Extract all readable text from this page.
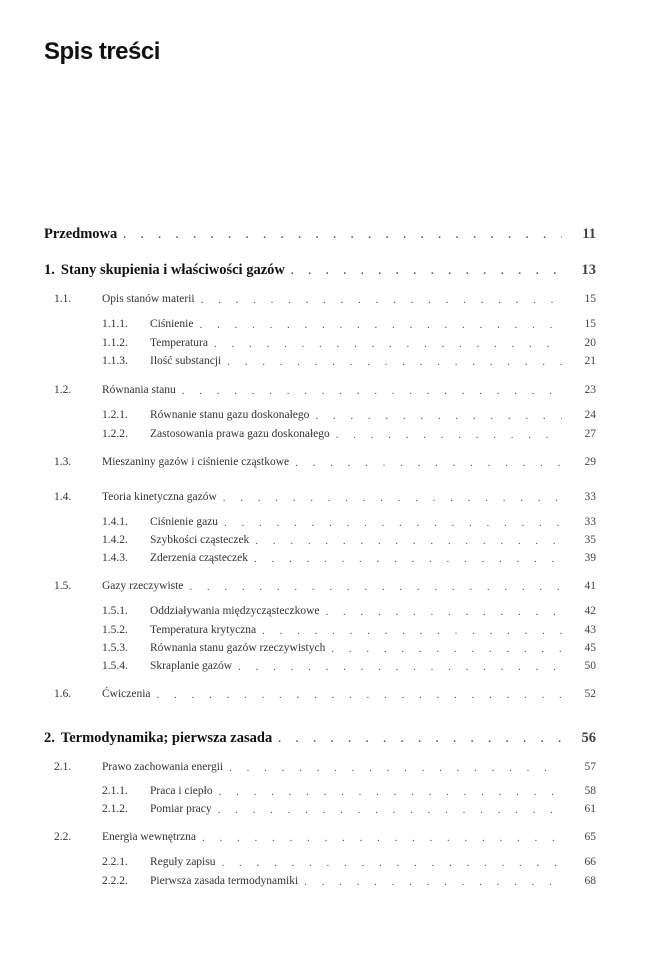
Spis treści
Przedmowa . . .	11
1. Stany skupienia i właściwości gazów . . .	13
1.1.	Opis stanów materii . . .	15
1.1.1. Ciśnienie . . .	15
1.1.2. Temperatura . . .	20
1.1.3. Ilość substancji . . .	21
1.2.	Równania stanu . . .	23
1.2.1. Równanie stanu gazu doskonałego . . .	24
1.2.2. Zastosowania prawa gazu doskonałego . . .	27
1.3.	Mieszaniny gazów i ciśnienie cząstkowe . . .	29
1.4.	Teoria kinetyczna gazów . . .	33
1.4.1. Ciśnienie gazu . . .	33
1.4.2. Szybkości cząsteczek . . .	35
1.4.3. Zderzenia cząsteczek . . .	39
1.5.	Gazy rzeczywiste . . .	41
1.5.1. Oddziaływania międzycząsteczkowe . . .	42
1.5.2. Temperatura krytyczna . . .	43
1.5.3. Równania stanu gazów rzeczywistych . . .	45
1.5.4. Skraplanie gazów . . .	50
1.6.	Ćwiczenia . . .	52
2. Termodynamika; pierwsza zasada . . .	56
2.1.	Prawo zachowania energii . . .	57
2.1.1. Praca i ciepło . . .	58
2.1.2. Pomiar pracy . . .	61
2.2.	Energia wewnętrzna . . .	65
2.2.1. Reguły zapisu . . .	66
2.2.2. Pierwsza zasada termodynamiki . . .	68
